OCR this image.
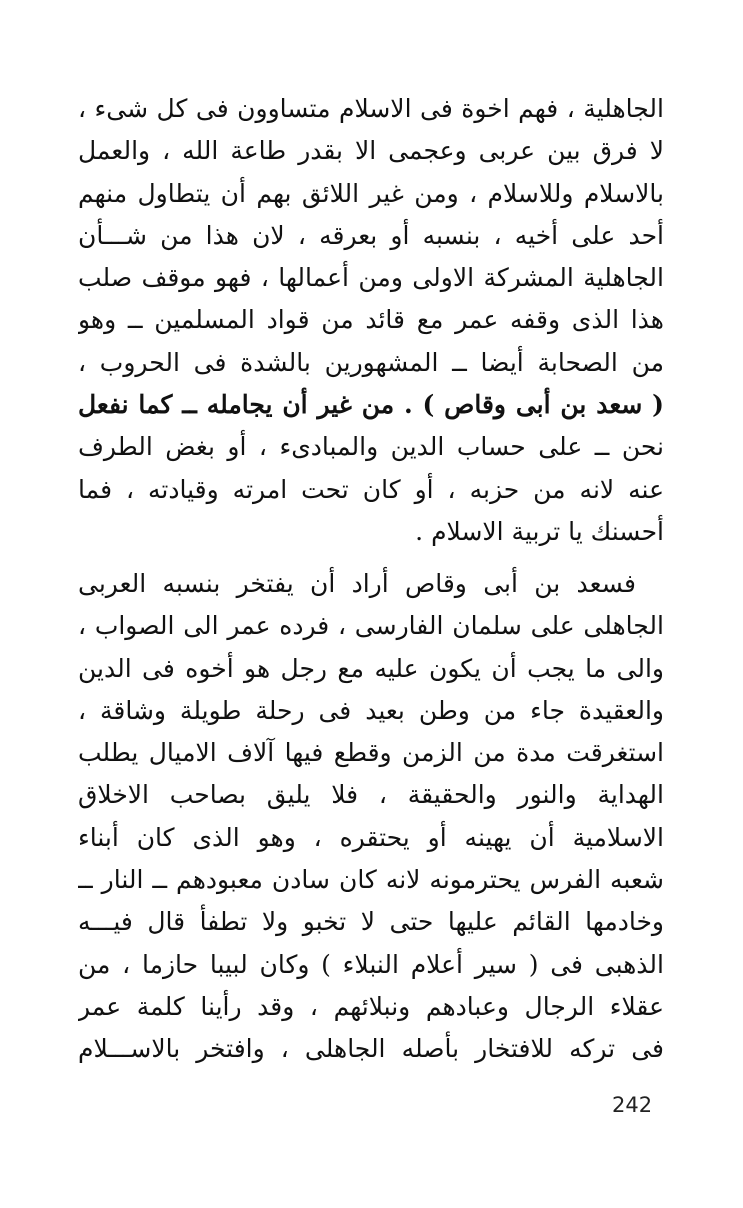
الجاهلية ، فهم اخوة فى الاسلام متساوون فى كل شىء ،
لا فرق بين عربى وعجمى الا بقدر طاعة الله ، والعمل
بالاسلام وللاسلام ، ومن غير اللائق بهم أن يتطاول منهم
أحد على أخيه ، بنسبه أو بعرقه ، لان هذا من شـــأن
الجاهلية المشركة الاولى ومن أعمالها ، فهو موقف صلب
هذا الذى وقفه عمر مع قائد من قواد المسلمين ــ وهو
من الصحابة أيضا ــ المشهورين بالشدة فى الحروب ،
( سعد بن أبى وقاص ) . من غير أن يجامله ــ كما نفعل
نحن ــ على حساب الدين والمبادىء ، أو بغض الطرف
عنه لانه من حزبه ، أو كان تحت امرته وقيادته ، فما
أحسنك يا تربية الاسلام .
فسعد بن أبى وقاص أراد أن يفتخر بنسبه العربى
الجاهلى على سلمان الفارسى ، فرده عمر الى الصواب ،
والى ما يجب أن يكون عليه مع رجل هو أخوه فى الدين
والعقيدة جاء من وطن بعيد فى رحلة طويلة وشاقة ،
استغرقت مدة من الزمن وقطع فيها آلاف الاميال يطلب
الهداية والنور والحقيقة ، فلا يليق بصاحب الاخلاق
الاسلامية أن يهينه أو يحتقره ، وهو الذى كان أبناء
شعبه الفرس يحترمونه لانه كان سادن معبودهم ــ النار ــ
وخادمها القائم عليها حتى لا تخبو ولا تطفأ قال فيـــه
الذهبى فى ( سير أعلام النبلاء ) وكان لبيبا حازما ، من
عقلاء الرجال وعبادهم ونبلائهم ، وقد رأينا كلمة عمر
فى تركه للافتخار بأصله الجاهلى ، وافتخر بالاســـلام
242
